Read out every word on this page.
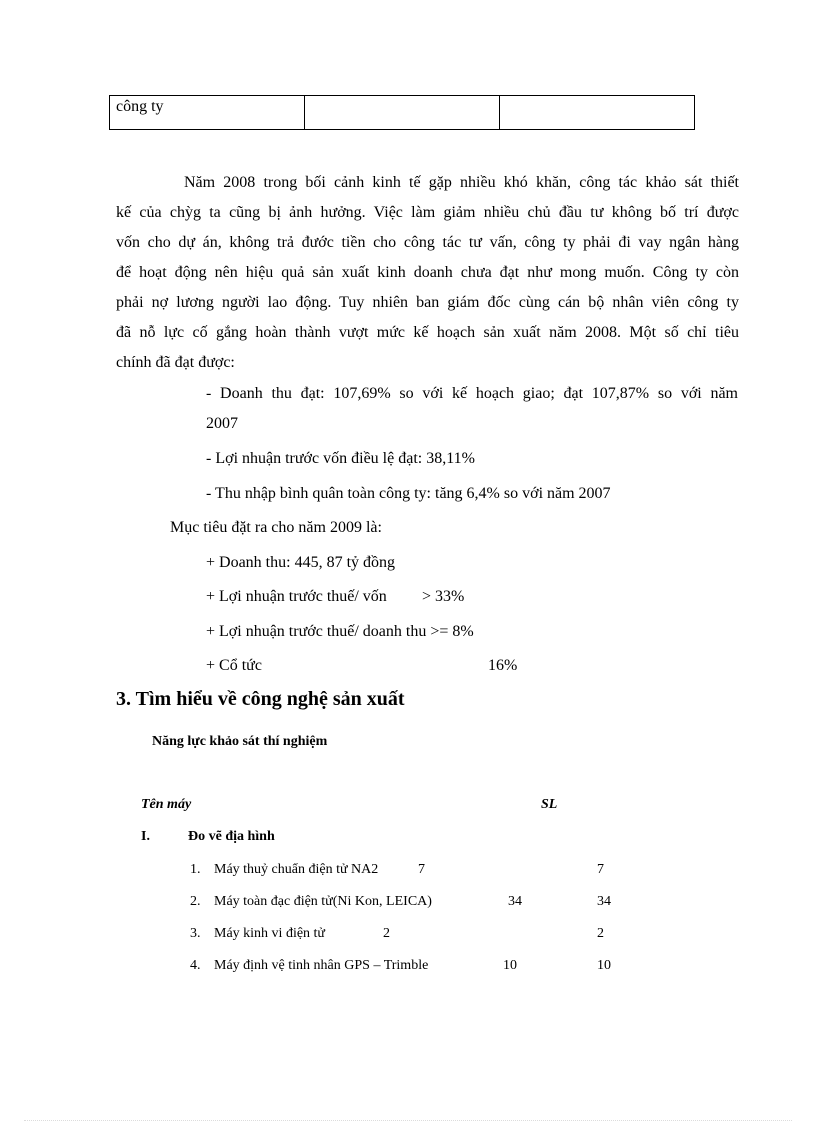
công ty		
Năm 2008 trong bối cảnh kinh tế gặp nhiều khó khăn, công tác khảo sát thiết
kế của chỳg ta cũng bị ảnh hưởng. Việc làm giảm nhiều chủ đầu tư không bố trí được
vốn cho dự án, không trả đước tiền cho công tác tư vấn, công ty phải đi vay ngân hàng
để hoạt động nên hiệu quả sản xuất kinh doanh chưa đạt như mong muốn. Công ty còn
phải nợ lương người lao động. Tuy nhiên ban giám đốc cùng cán bộ nhân viên công ty
đã nỗ lực cố gắng hoàn thành vượt mức kế hoạch sản xuất năm 2008. Một số chỉ tiêu
chính đã đạt được:
- Doanh thu đạt: 107,69% so với kế hoạch giao; đạt 107,87% so với năm
2007
- Lợi nhuận trước vốn điều lệ đạt: 38,11%
- Thu nhập bình quân toàn công ty: tăng 6,4% so với năm 2007
Mục tiêu đặt ra cho năm 2009 là:
+ Doanh thu: 445, 87 tỷ đồng
+ Lợi nhuận trước thuế/ vốn > 33%
+ Lợi nhuận trước thuế/ doanh thu >= 8%
+ Cổ tức	16%
3. Tìm hiểu về công nghệ sản xuất
Năng lực khảo sát thí nghiệm
Tên máy	SL
I.	Đo vẽ địa hình
1. Máy thuỷ chuẩn điện tử NA2	7	7
2. Máy toàn đạc điện tử(Ni Kon, LEICA)	34	34
3. Máy kinh vi điện tử	2	2
4. Máy định vệ tinh nhân GPS – Trimble	10	10
